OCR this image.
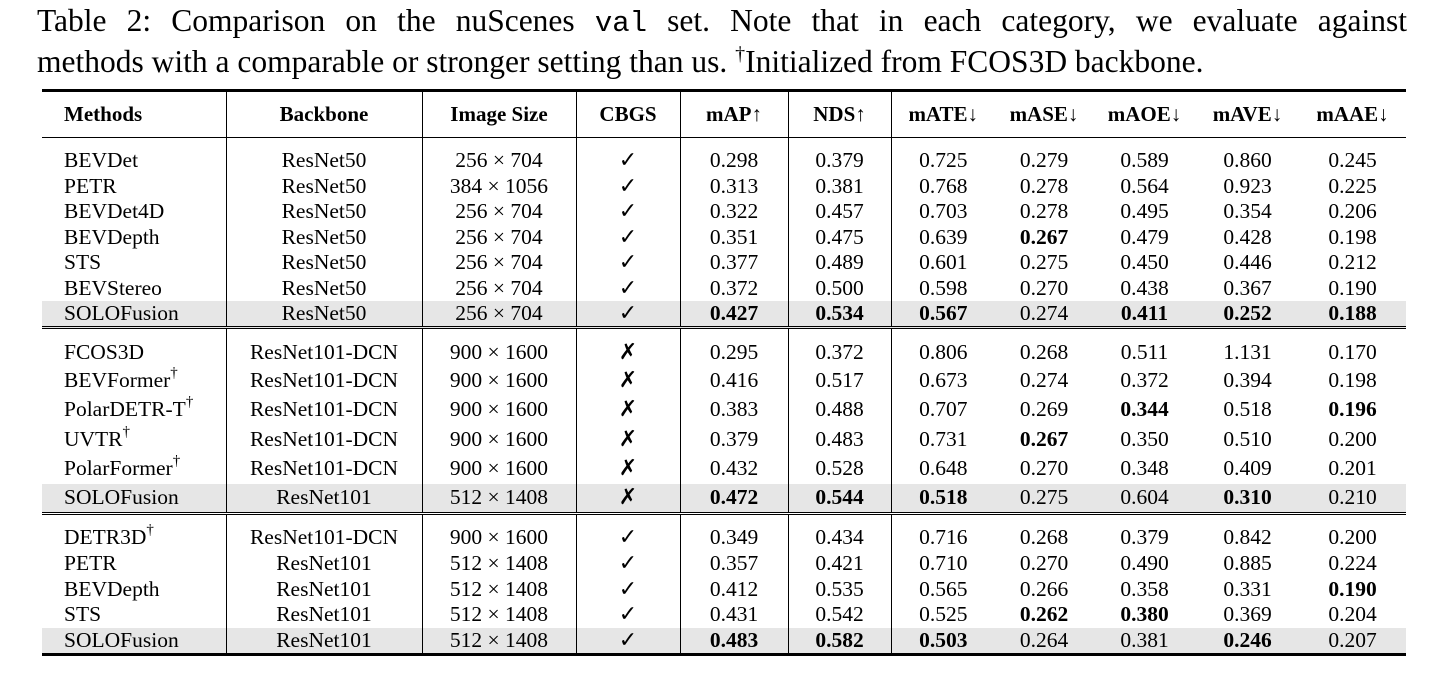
Table 2: Comparison on the nuScenes val set. Note that in each category, we evaluate against
methods with a comparable or stronger setting than us. †Initialized from FCOS3D backbone.
Methods	Backbone	Image Size	CBGS	mAP↑	NDS↑	mATE↓	mASE↓	mAOE↓	mAVE↓	mAAE↓
BEVDet	ResNet50	256 × 704	✓	0.298	0.379	0.725	0.279	0.589	0.860	0.245
PETR	ResNet50	384 × 1056	✓	0.313	0.381	0.768	0.278	0.564	0.923	0.225
BEVDet4D	ResNet50	256 × 704	✓	0.322	0.457	0.703	0.278	0.495	0.354	0.206
BEVDepth	ResNet50	256 × 704	✓	0.351	0.475	0.639	0.267	0.479	0.428	0.198
STS	ResNet50	256 × 704	✓	0.377	0.489	0.601	0.275	0.450	0.446	0.212
BEVStereo	ResNet50	256 × 704	✓	0.372	0.500	0.598	0.270	0.438	0.367	0.190
SOLOFusion	ResNet50	256 × 704	✓	0.427	0.534	0.567	0.274	0.411	0.252	0.188
FCOS3D	ResNet101-DCN	900 × 1600	✗	0.295	0.372	0.806	0.268	0.511	1.131	0.170
BEVFormer†	ResNet101-DCN	900 × 1600	✗	0.416	0.517	0.673	0.274	0.372	0.394	0.198
PolarDETR-T†	ResNet101-DCN	900 × 1600	✗	0.383	0.488	0.707	0.269	0.344	0.518	0.196
UVTR†	ResNet101-DCN	900 × 1600	✗	0.379	0.483	0.731	0.267	0.350	0.510	0.200
PolarFormer†	ResNet101-DCN	900 × 1600	✗	0.432	0.528	0.648	0.270	0.348	0.409	0.201
SOLOFusion	ResNet101	512 × 1408	✗	0.472	0.544	0.518	0.275	0.604	0.310	0.210
DETR3D†	ResNet101-DCN	900 × 1600	✓	0.349	0.434	0.716	0.268	0.379	0.842	0.200
PETR	ResNet101	512 × 1408	✓	0.357	0.421	0.710	0.270	0.490	0.885	0.224
BEVDepth	ResNet101	512 × 1408	✓	0.412	0.535	0.565	0.266	0.358	0.331	0.190
STS	ResNet101	512 × 1408	✓	0.431	0.542	0.525	0.262	0.380	0.369	0.204
SOLOFusion	ResNet101	512 × 1408	✓	0.483	0.582	0.503	0.264	0.381	0.246	0.207
